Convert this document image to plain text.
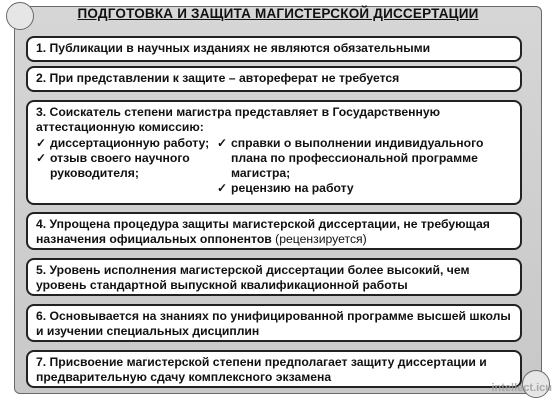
ПОДГОТОВКА И ЗАЩИТА МАГИСТЕРСКОЙ ДИССЕРТАЦИИ
1. Публикации в научных изданиях не являются обязательными
2. При представлении к защите – автореферат не требуется
3. Соискатель степени магистра представляет в Государственную аттестационную комиссию:
✓ диссертационную работу;
✓ отзыв своего научного руководителя;
✓ справки о выполнении индивидуального плана по профессиональной программе магистра;
✓ рецензию на работу
4. Упрощена процедура защиты магистерской диссертации, не требующая назначения официальных оппонентов (рецензируется)
5. Уровень исполнения магистерской диссертации более высокий, чем уровень стандартной выпускной квалификационной работы
6. Основывается на знаниях по унифицированной программе высшей школы и изучении специальных дисциплин
7. Присвоение магистерской степени предполагает защиту диссертации и предварительную сдачу комплексного экзамена
intellect.icu
